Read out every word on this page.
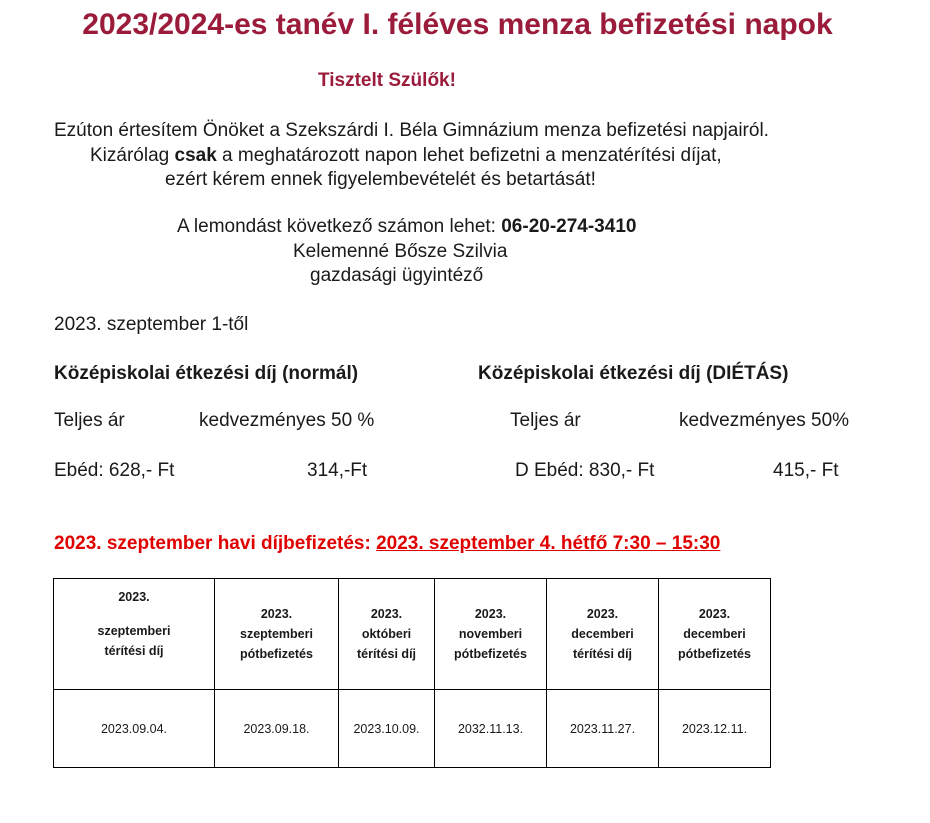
2023/2024-es tanév I. féléves menza befizetési napok
Tisztelt Szülők!
Ezúton értesítem Önöket a Szekszárdi I. Béla Gimnázium menza befizetési napjairól.
Kizárólag csak a meghatározott napon lehet befizetni a menzatérítési díjat,
ezért kérem ennek figyelembevételét és betartását!
A lemondást következő számon lehet: 06-20-274-3410
Kelemenné Bősze Szilvia
gazdasági ügyintéző
2023. szeptember 1-től
Középiskolai étkezési díj (normál)	Középiskolai étkezési díj (DIÉTÁS)
Teljes ár	kedvezményes 50 %	Teljes ár	kedvezményes 50%
Ebéd: 628,- Ft	314,-Ft	D Ebéd: 830,- Ft	415,- Ft
2023. szeptember havi díjbefizetés: 2023. szeptember 4. hétfő 7:30 – 15:30
2023.
szeptemberi
térítési díj	2023.
szeptemberi
pótbefizetés	2023.
októberi
térítési díj	2023.
novemberi
pótbefizetés	2023.
decemberi
térítési díj	2023.
decemberi
pótbefizetés

2023.09.04.	2023.09.18.	2023.10.09.	2032.11.13.	2023.11.27.	2023.12.11.
